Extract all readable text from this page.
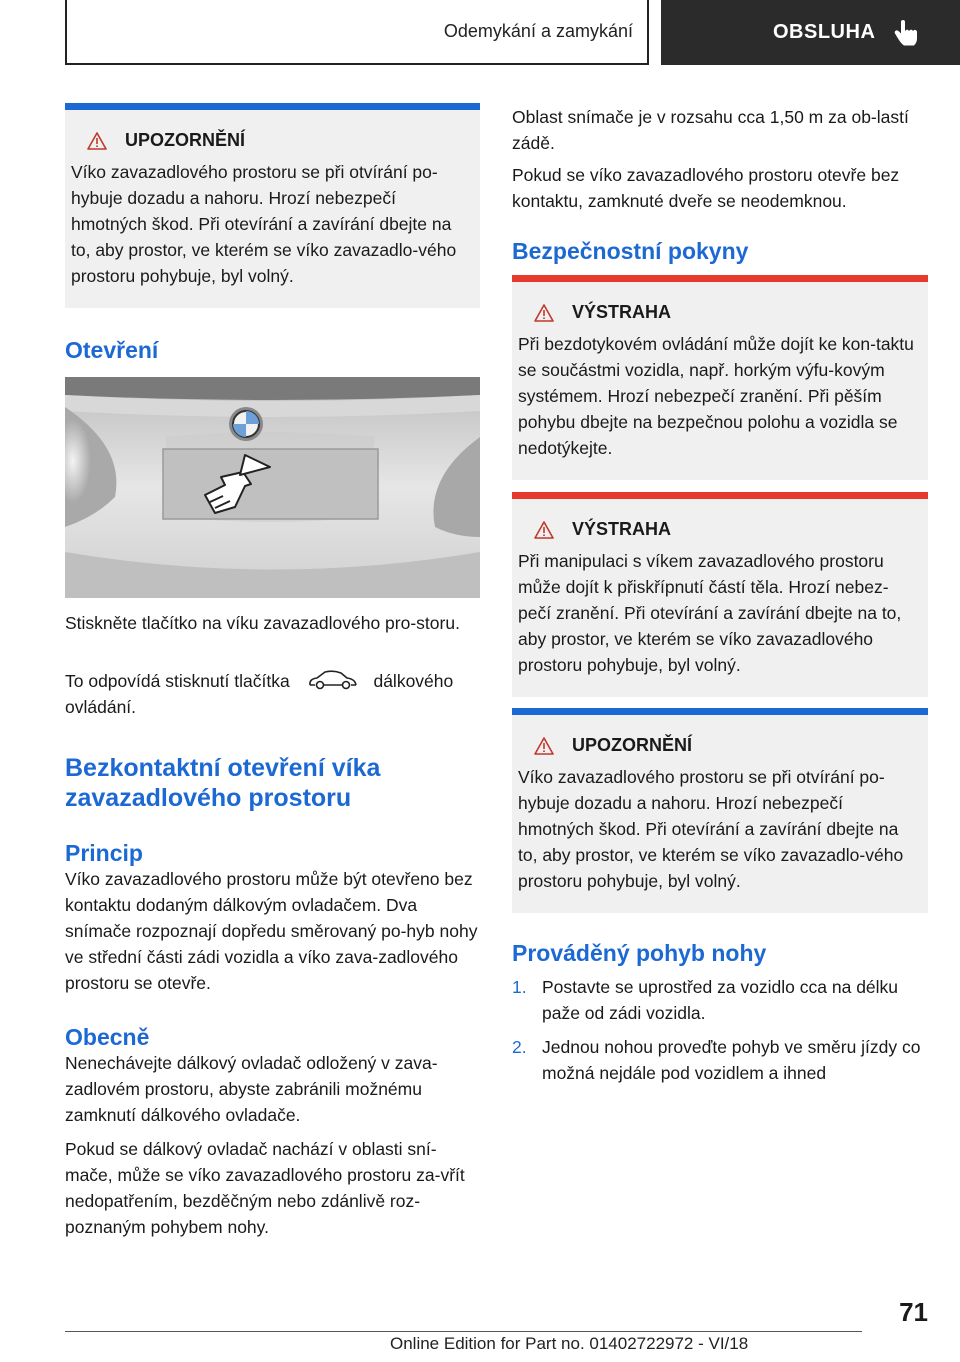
Odemykání a zamykání	OBSLUHA
UPOZORNĚNÍ
Víko zavazadlového prostoru se při otvírání po‐hybuje dozadu a nahoru. Hrozí nebezpečí hmotných škod. Při otevírání a zavírání dbejte na to, aby prostor, ve kterém se víko zavazadlo‐vého prostoru pohybuje, byl volný.
Otevření
Stiskněte tlačítko na víku zavazadlového pro‐storu.
To odpovídá stisknutí tlačítka	dálkového ovládání.
Bezkontaktní otevření víka zavazadlového prostoru
Princip
Víko zavazadlového prostoru může být otevřeno bez kontaktu dodaným dálkovým ovladačem. Dva snímače rozpoznají dopředu směrovaný po‐hyb nohy ve střední části zádi vozidla a víko zava‐zadlového prostoru se otevře.
Obecně
Nenechávejte dálkový ovladač odložený v zava‐zadlovém prostoru, abyste zabránili možnému zamknutí dálkového ovladače.
Pokud se dálkový ovladač nachází v oblasti sní‐mače, může se víko zavazadlového prostoru za‐vřít nedopatřením, bezděčným nebo zdánlivě roz‐poznaným pohybem nohy.
Oblast snímače je v rozsahu cca 1,50 m za ob‐lastí zádě.
Pokud se víko zavazadlového prostoru otevře bez kontaktu, zamknuté dveře se neodemknou.
Bezpečnostní pokyny
VÝSTRAHA
Při bezdotykovém ovládání může dojít ke kon‐taktu se součástmi vozidla, např. horkým výfu‐kovým systémem. Hrozí nebezpečí zranění. Při pěším pohybu dbejte na bezpečnou polohu a vozidla se nedotýkejte.
VÝSTRAHA
Při manipulaci s víkem zavazadlového prostoru může dojít k přiskřípnutí částí těla. Hrozí nebez‐pečí zranění. Při otevírání a zavírání dbejte na to, aby prostor, ve kterém se víko zavazadlového prostoru pohybuje, byl volný.
UPOZORNĚNÍ
Víko zavazadlového prostoru se při otvírání po‐hybuje dozadu a nahoru. Hrozí nebezpečí hmotných škod. Při otevírání a zavírání dbejte na to, aby prostor, ve kterém se víko zavazadlo‐vého prostoru pohybuje, byl volný.
Prováděný pohyb nohy
1. Postavte se uprostřed za vozidlo cca na délku paže od zádi vozidla.
2. Jednou nohou proveďte pohyb ve směru jízdy co možná nejdále pod vozidlem a ihned
71
Online Edition for Part no. 01402722972 - VI/18
